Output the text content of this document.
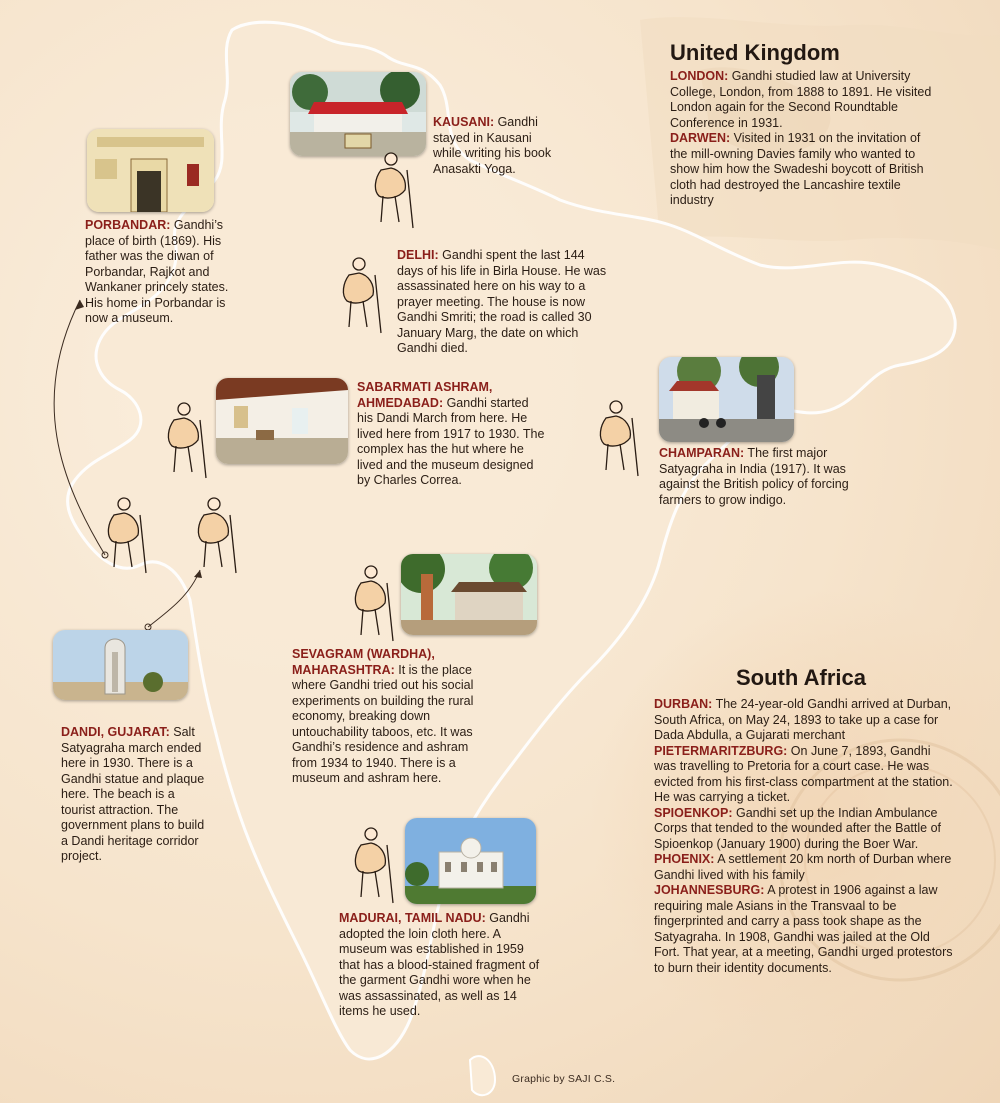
United Kingdom

LONDON: Gandhi studied law at University College, London, from 1888 to 1891. He visited London again for the Second Roundtable Conference in 1931.

DARWEN: Visited in 1931 on the invitation of the mill-owning Davies family who wanted to show him how the Swadeshi boycott of British cloth had destroyed the Lancashire textile industry

South Africa

DURBAN: The 24-year-old Gandhi arrived at Durban, South Africa, on May 24, 1893 to take up a case for Dada Abdulla, a Gujarati merchant

PIETERMARITZBURG: On June 7, 1893, Gandhi was travelling to Pretoria for a court case. He was evicted from his first-class compartment at the station. He was carrying a ticket.

SPIOENKOP: Gandhi set up the Indian Ambulance Corps that tended to the wounded after the Battle of Spioenkop (January 1900) during the Boer War.

PHOENIX: A settlement 20 km north of Durban where Gandhi lived with his family

JOHANNESBURG: A protest in 1906 against a law requiring male Asians in the Transvaal to be fingerprinted and carry a pass took shape as the Satyagraha. In 1908, Gandhi was jailed at the Old Fort. That year, at a meeting, Gandhi urged protestors to burn their identity documents.

KAUSANI: Gandhi stayed in Kausani while writing his book Anasakti Yoga.
PORBANDAR: Gandhi’s place of birth (1869). His father was the diwan of Porbandar, Rajkot and Wankaner princely states. His home in Porbandar is now a museum.
DELHI: Gandhi spent the last 144 days of his life in Birla House. He was assassinated here on his way to a prayer meeting. The house is now Gandhi Smriti; the road is called 30 January Marg, the date on which Gandhi died.
SABARMATI ASHRAM, AHMEDABAD: Gandhi started his Dandi March from here. He lived here from 1917 to 1930. The complex has the hut where he lived and the museum designed by Charles Correa.
CHAMPARAN: The first major Satyagraha in India (1917). It was against the British policy of forcing farmers to grow indigo.
SEVAGRAM (WARDHA), MAHARASHTRA: It is the place where Gandhi tried out his social experiments on building the rural economy, breaking down untouchability taboos, etc. It was Gandhi’s residence and ashram from 1934 to 1940. There is a museum and ashram here.
DANDI, GUJARAT: Salt Satyagraha march ended here in 1930. There is a Gandhi statue and plaque here. The beach is a tourist attraction. The government plans to build a Dandi heritage corridor project.
MADURAI, TAMIL NADU: Gandhi adopted the loin cloth here. A museum was established in 1959 that has a blood-stained fragment of the garment Gandhi wore when he was assassinated, as well as 14 items he used.
Graphic by SAJI C.S.
